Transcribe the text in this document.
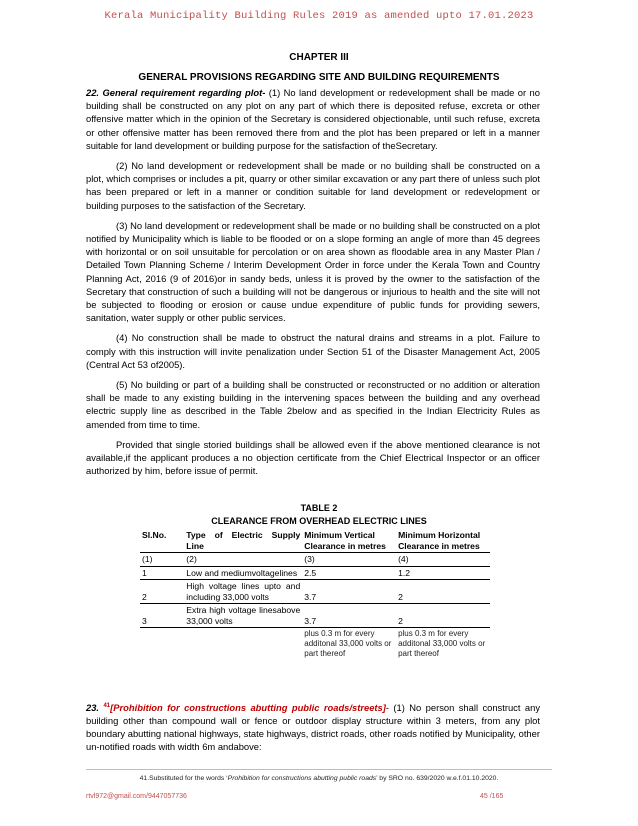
Kerala Municipality Building Rules 2019 as amended upto 17.01.2023
CHAPTER III
GENERAL PROVISIONS REGARDING SITE AND BUILDING REQUIREMENTS

22. General requirement regarding plot- (1) No land development or redevelopment shall be made or no building shall be constructed on any plot on any part of which there is deposited refuse, excreta or other offensive matter which in the opinion of the Secretary is considered objectionable, until such refuse, excreta or other offensive matter has been removed there from and the plot has been prepared or left in a manner suitable for land development or building purpose for the satisfaction of theSecretary.

(2) No land development or redevelopment shall be made or no building shall be constructed on a plot, which comprises or includes a pit, quarry or other similar excavation or any part there of unless such plot has been prepared or left in a manner or condition suitable for land development or redevelopment or building purposes to the satisfaction of the Secretary.

(3) No land development or redevelopment shall be made or no building shall be constructed on a plot notified by Municipality which is liable to be flooded or on a slope forming an angle of more than 45 degrees with horizontal or on soil unsuitable for percolation or on area shown as floodable area in any Master Plan / Detailed Town Planning Scheme / Interim Development Order in force under the Kerala Town and Country Planning Act, 2016 (9 of 2016)or in sandy beds, unless it is proved by the owner to the satisfaction of the Secretary that construction of such a building will not be dangerous or injurious to health and the site will not be subjected to flooding or erosion or cause undue expenditure of public funds for providing sewers, sanitation, water supply or other public services.

(4) No construction shall be made to obstruct the natural drains and streams in a plot. Failure to comply with this instruction will invite penalization under Section 51 of the Disaster Management Act, 2005 (Central Act 53 of2005).

(5) No building or part of a building shall be constructed or reconstructed or no addition or alteration shall be made to any existing building in the intervening spaces between the building and any overhead electric supply line as described in the Table 2below and as specified in the Indian Electricity Rules as amended from time to time.

Provided that single storied buildings shall be allowed even if the above mentioned clearance is not available,if the applicant produces a no objection certificate from the Chief Electrical Inspector or an officer authorized by him, before issue of permit.

TABLE 2
CLEARANCE FROM OVERHEAD ELECTRIC LINES
Sl.No.	Type of Electric Supply Line	Minimum Vertical Clearance in metres	Minimum Horizontal Clearance in metres
(1)	(2)	(3)	(4)
1	Low and mediumvoltagelines	2.5	1.2
2	High voltage lines upto and including 33,000 volts	3.7	2
3	Extra high voltage linesabove 33,000 volts	3.7	2
		plus 0.3 m for every additonal 33,000 volts or part thereof	plus 0.3 m for every additonal 33,000 volts or part thereof
23. $^{41}$[Prohibition for constructions abutting public roads/streets]- (1) No person shall construct any building other than compound wall or fence or outdoor display structure within 3 meters, from any plot boundary abutting national highways, state highways, district roads, other roads notified by Municipality, other un-notified roads with width 6m andabove:
41.Substituted for the words ‘Prohibition for constructions abutting public roads’ by SRO no. 639/2020 w.e.f.01.10.2020.
rtvl972@gmail.com/9447057736	45 /165
